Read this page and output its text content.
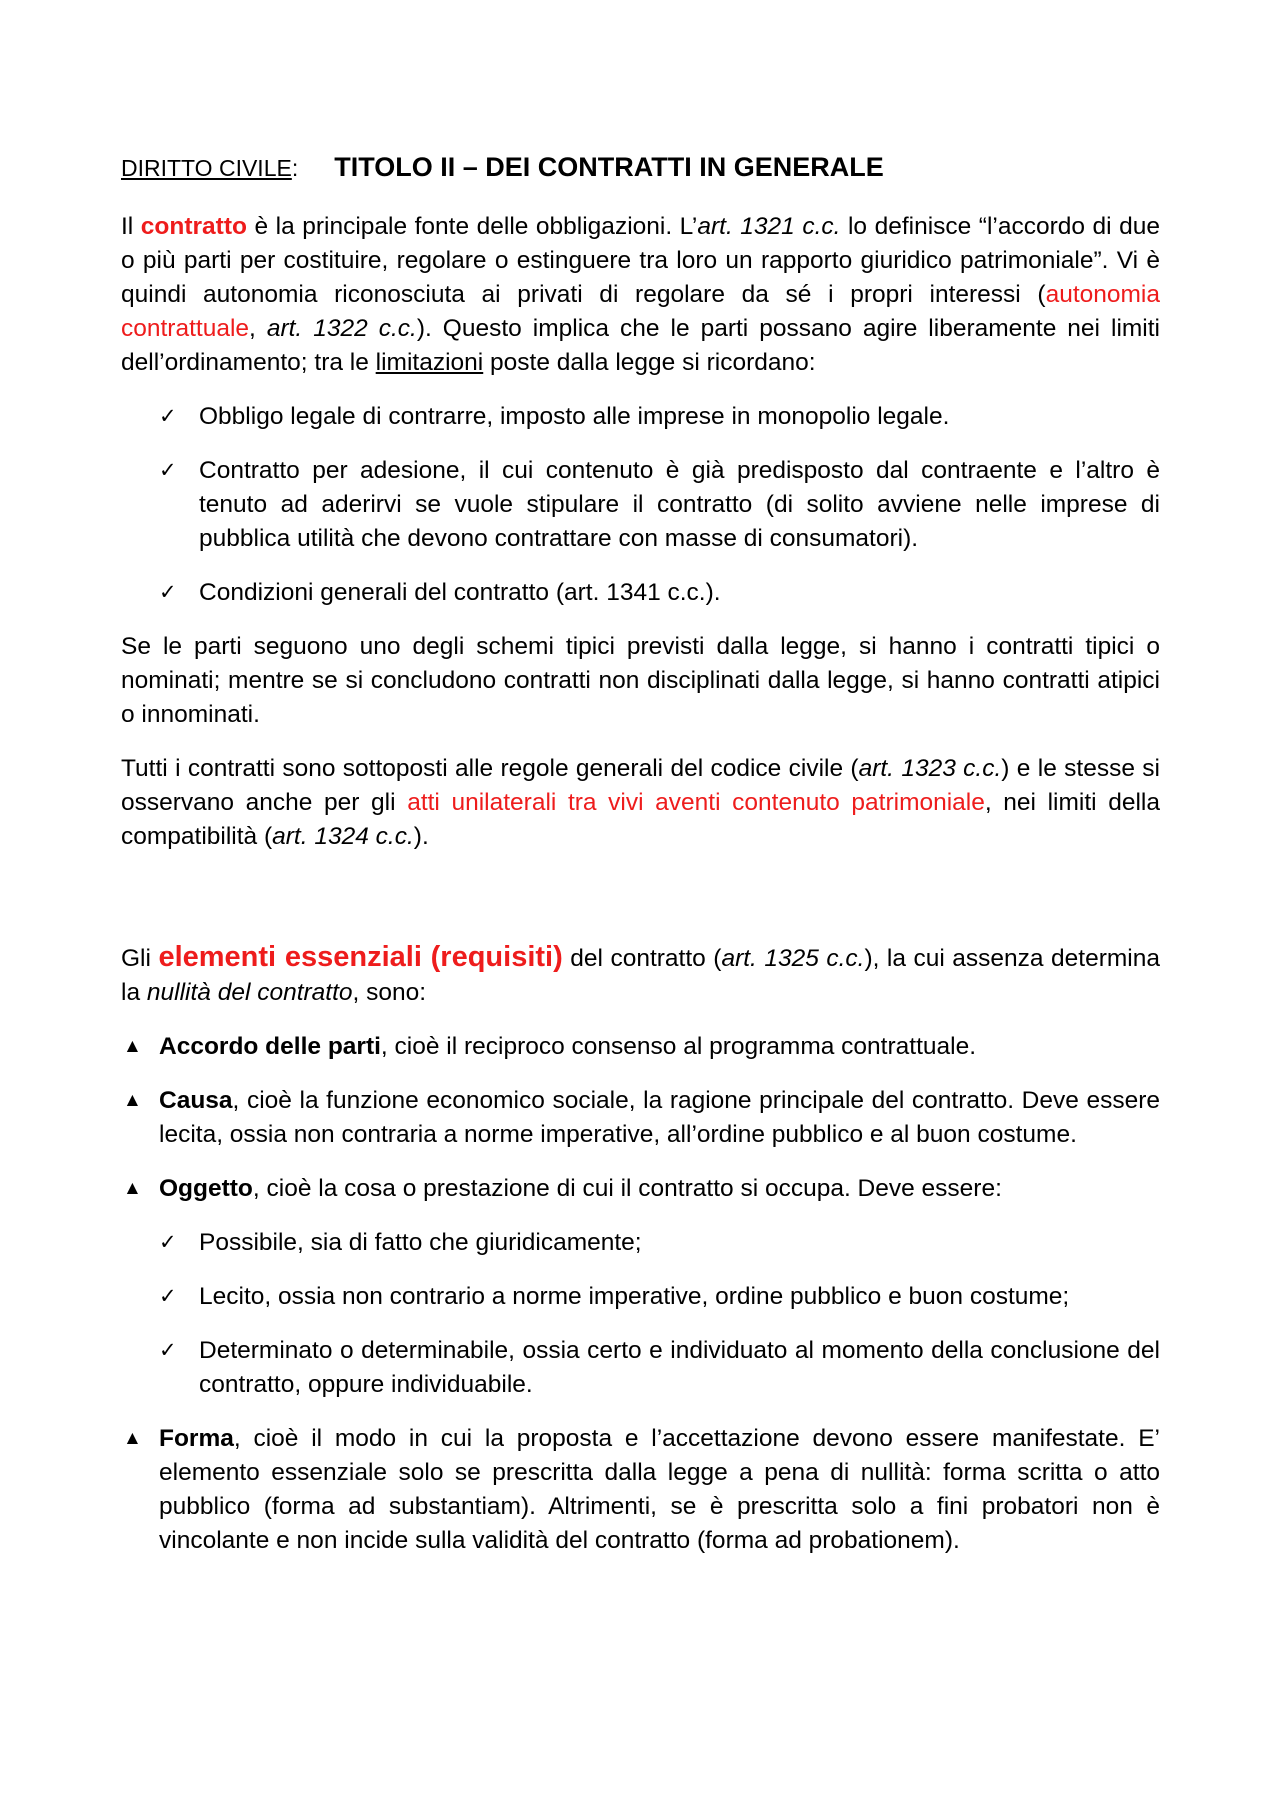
DIRITTO CIVILE: TITOLO II – DEI CONTRATTI IN GENERALE

Il contratto è la principale fonte delle obbligazioni. L’art. 1321 c.c. lo definisce “l’accordo di due o più parti per costituire, regolare o estinguere tra loro un rapporto giuridico patrimoniale”. Vi è quindi autonomia riconosciuta ai privati di regolare da sé i propri interessi (autonomia contrattuale, art. 1322 c.c.). Questo implica che le parti possano agire liberamente nei limiti dell’ordinamento; tra le limitazioni poste dalla legge si ricordano:

✓ Obbligo legale di contrarre, imposto alle imprese in monopolio legale.
✓ Contratto per adesione, il cui contenuto è già predisposto dal contraente e l’altro è tenuto ad aderirvi se vuole stipulare il contratto (di solito avviene nelle imprese di pubblica utilità che devono contrattare con masse di consumatori).
✓ Condizioni generali del contratto (art. 1341 c.c.).

Se le parti seguono uno degli schemi tipici previsti dalla legge, si hanno i contratti tipici o nominati; mentre se si concludono contratti non disciplinati dalla legge, si hanno contratti atipici o innominati.

Tutti i contratti sono sottoposti alle regole generali del codice civile (art. 1323 c.c.) e le stesse si osservano anche per gli atti unilaterali tra vivi aventi contenuto patrimoniale, nei limiti della compatibilità (art. 1324 c.c.).

Gli elementi essenziali (requisiti) del contratto (art. 1325 c.c.), la cui assenza determina la nullità del contratto, sono:

▲ Accordo delle parti, cioè il reciproco consenso al programma contrattuale.
▲ Causa, cioè la funzione economico sociale, la ragione principale del contratto. Deve essere lecita, ossia non contraria a norme imperative, all’ordine pubblico e al buon costume.
▲ Oggetto, cioè la cosa o prestazione di cui il contratto si occupa. Deve essere:
✓ Possibile, sia di fatto che giuridicamente;
✓ Lecito, ossia non contrario a norme imperative, ordine pubblico e buon costume;
✓ Determinato o determinabile, ossia certo e individuato al momento della conclusione del contratto, oppure individuabile.
▲ Forma, cioè il modo in cui la proposta e l’accettazione devono essere manifestate. E’ elemento essenziale solo se prescritta dalla legge a pena di nullità: forma scritta o atto pubblico (forma ad substantiam). Altrimenti, se è prescritta solo a fini probatori non è vincolante e non incide sulla validità del contratto (forma ad probationem).
